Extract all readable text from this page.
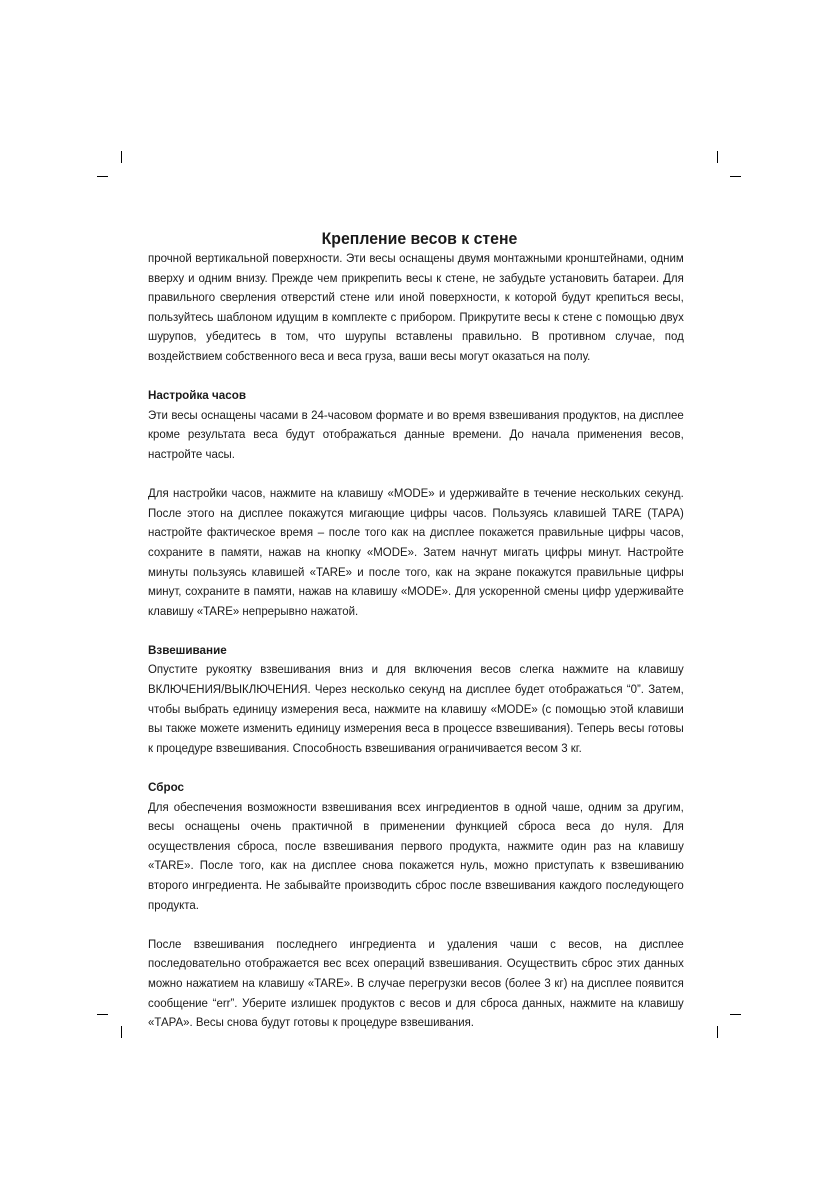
Крепление весов к стене

прочной вертикальной поверхности. Эти весы оснащены двумя монтажными кронштейнами, одним вверху и одним внизу. Прежде чем прикрепить весы к стене, не забудьте установить батареи. Для правильного сверления отверстий стене или иной поверхности, к которой будут крепиться весы, пользуйтесь шаблоном идущим в комплекте с прибором. Прикрутите весы к стене с помощью двух шурупов, убедитесь в том, что шурупы вставлены правильно. В противном случае, под воздействием собственного веса и веса груза, ваши весы могут оказаться на полу.

Настройка часов

Эти весы оснащены часами в 24-часовом формате и во время взвешивания продуктов, на дисплее кроме результата веса будут отображаться данные времени. До начала применения весов, настройте часы.

Для настройки часов, нажмите на клавишу «MODE» и удерживайте в течение нескольких секунд. После этого на дисплее покажутся мигающие цифры часов. Пользуясь клавишей TARE (ТАРА) настройте фактическое время – после того как на дисплее покажется правильные цифры часов, сохраните в памяти, нажав на кнопку «MODE». Затем начнут мигать цифры минут. Настройте минуты пользуясь клавишей «TARE» и после того, как на экране покажутся правильные цифры минут, сохраните в памяти, нажав на клавишу «MODE». Для ускоренной смены цифр удерживайте клавишу «TARE» непрерывно нажатой.

Взвешивание

Опустите рукоятку взвешивания вниз и для включения весов слегка нажмите на клавишу ВКЛЮЧЕНИЯ/ВЫКЛЮЧЕНИЯ. Через несколько секунд на дисплее будет отображаться “0”. Затем, чтобы выбрать единицу измерения веса, нажмите на клавишу «MODE» (с помощью этой клавиши вы также можете изменить единицу измерения веса в процессе взвешивания). Теперь весы готовы к процедуре взвешивания. Способность взвешивания ограничивается весом 3 кг.

Сброс

Для обеспечения возможности взвешивания всех ингредиентов в одной чаше, одним за другим, весы оснащены очень практичной в применении функцией сброса веса до нуля. Для осуществления сброса, после взвешивания первого продукта, нажмите один раз на клавишу «TARE». После того, как на дисплее снова покажется нуль, можно приступать к взвешиванию второго ингредиента. Не забывайте производить сброс после взвешивания каждого последующего продукта.

После взвешивания последнего ингредиента и удаления чаши с весов, на дисплее последовательно отображается вес всех операций взвешивания. Осуществить сброс этих данных можно нажатием на клавишу «TARE». В случае перегрузки весов (более 3 кг) на дисплее появится сообщение “err”. Уберите излишек продуктов с весов и для сброса данных, нажмите на клавишу «ТАРА». Весы снова будут готовы к процедуре взвешивания.
